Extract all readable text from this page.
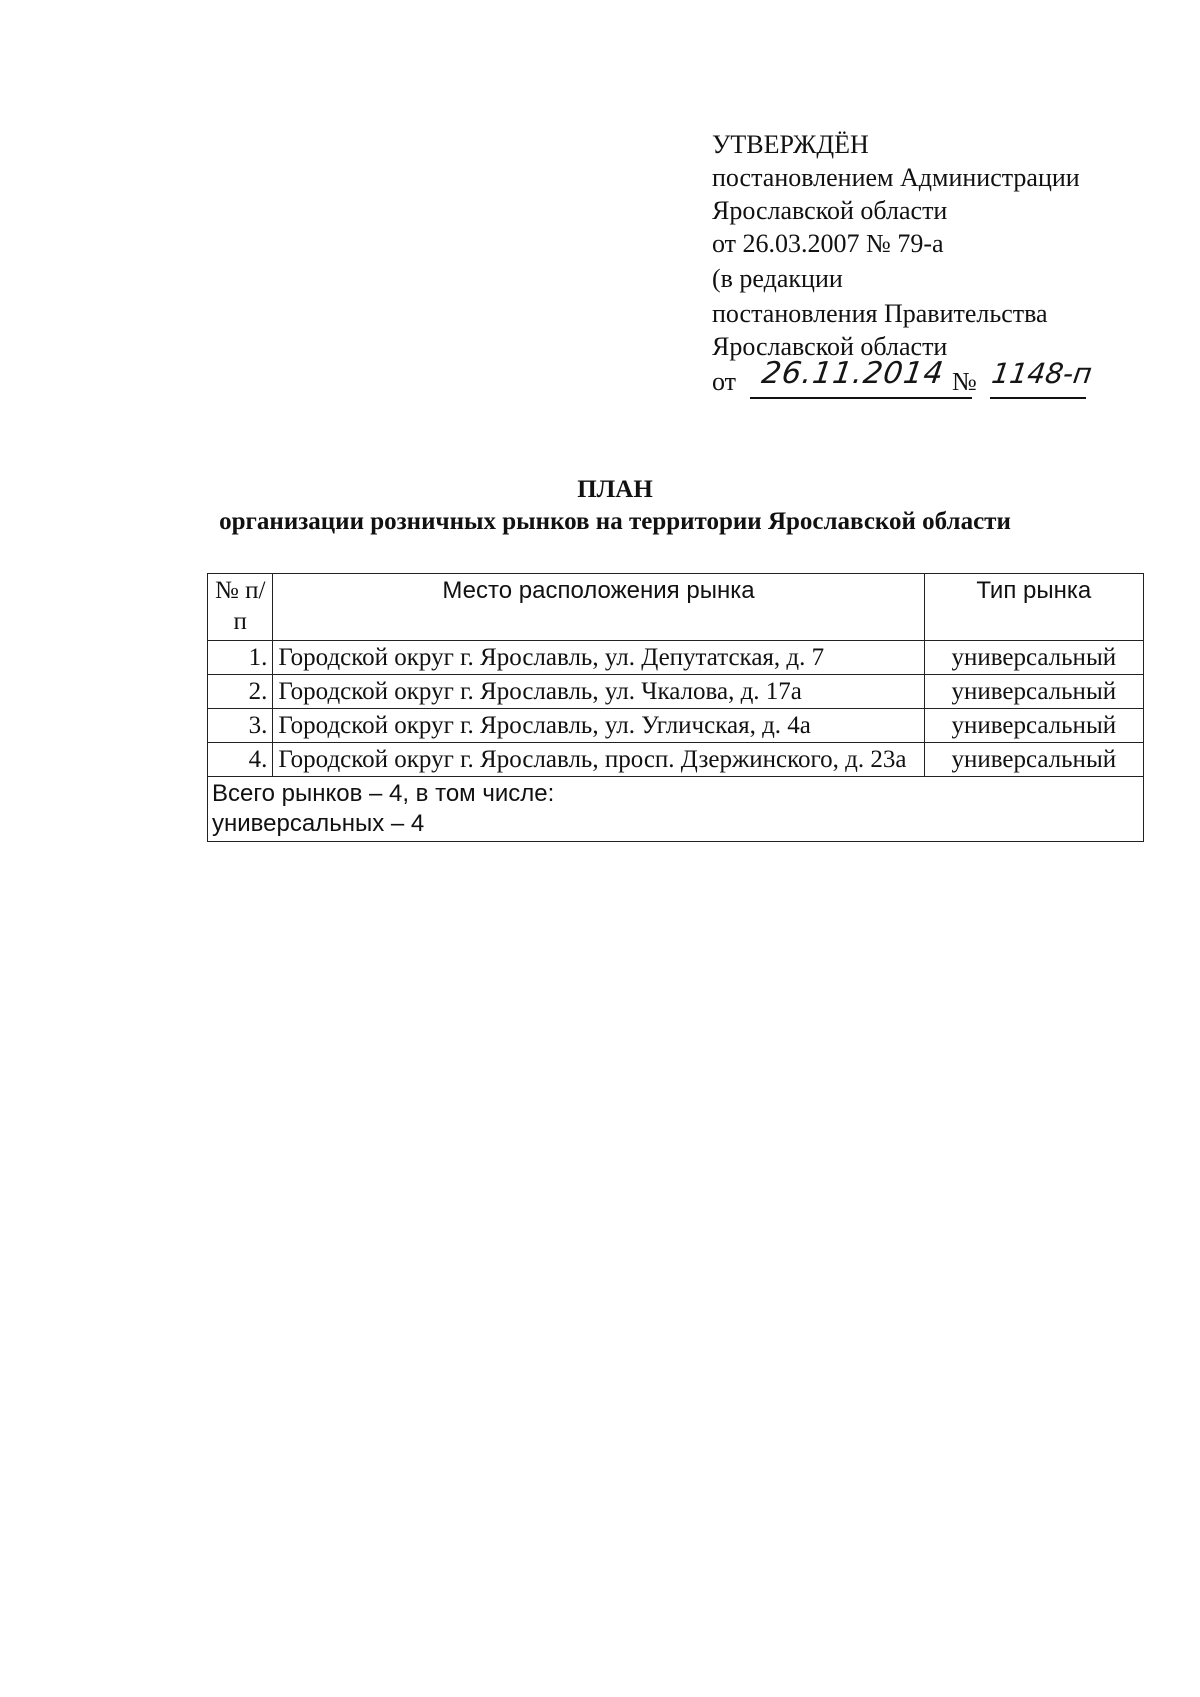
УТВЕРЖДЁН
постановлением Администрации
Ярославской области
от 26.03.2007 № 79-а
(в редакции
постановления Правительства
Ярославской области
от 26.11.2014 № 1148-п
ПЛАН
организации розничных рынков на территории Ярославской области
№ п/п	Место расположения рынка	Тип рынка
1.	Городской округ г. Ярославль, ул. Депутатская, д. 7	универсальный
2.	Городской округ г. Ярославль, ул. Чкалова, д. 17а	универсальный
3.	Городской округ г. Ярославль, ул. Угличская, д. 4а	универсальный
4.	Городской округ г. Ярославль, просп. Дзержинского, д. 23а	универсальный

Всего рынков – 4, в том числе:
универсальных – 4		
